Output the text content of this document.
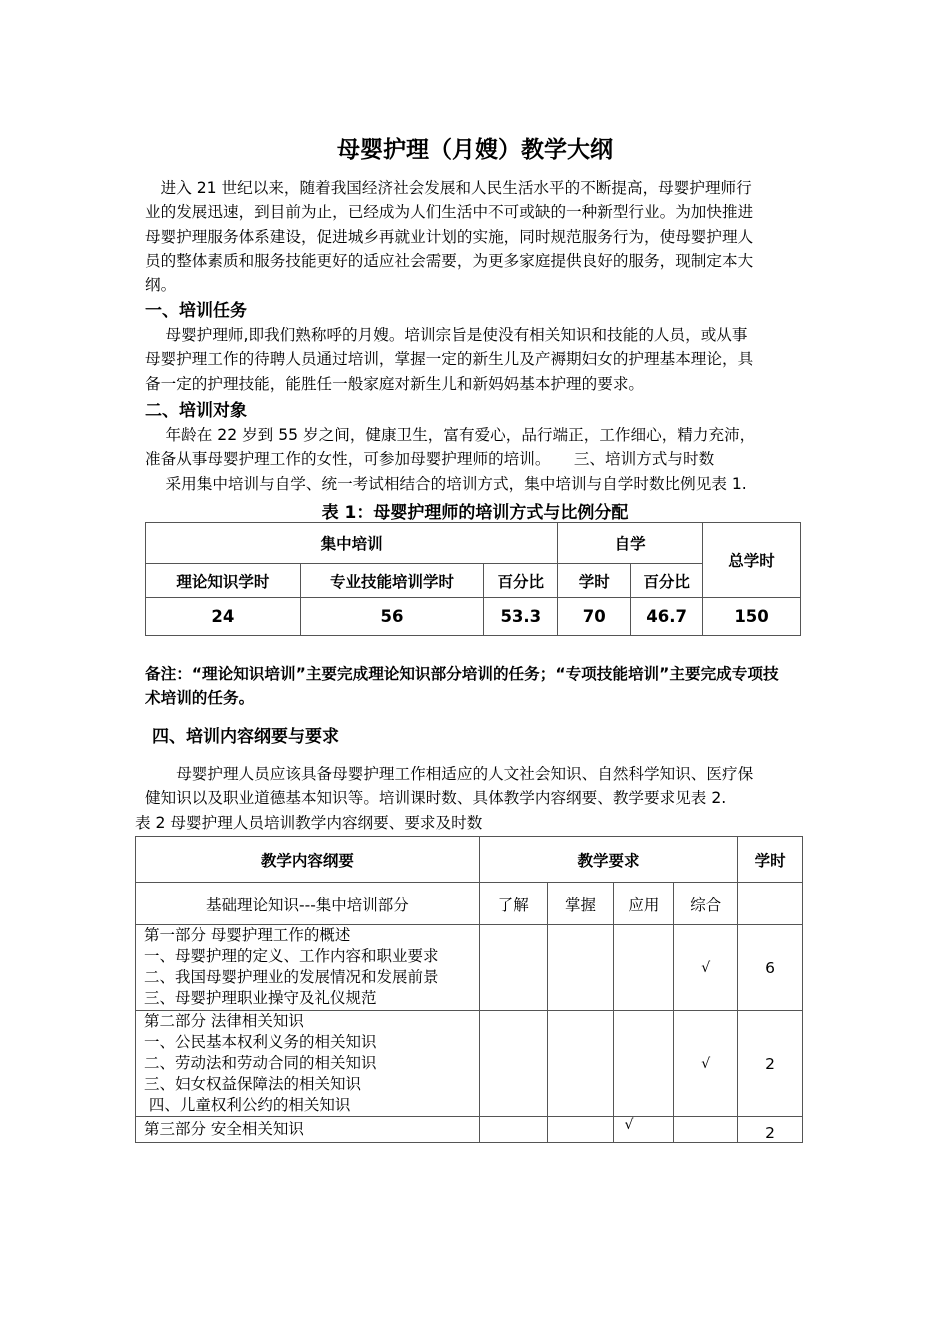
母婴护理（月嫂）教学大纲
　进入 21 世纪以来，随着我国经济社会发展和人民生活水平的不断提高，母婴护理师行
业的发展迅速，到目前为止，已经成为人们生活中不可或缺的一种新型行业。为加快推进
母婴护理服务体系建设，促进城乡再就业计划的实施，同时规范服务行为，使母婴护理人
员的整体素质和服务技能更好的适应社会需要，为更多家庭提供良好的服务，现制定本大
纲。
一、培训任务
　 母婴护理师,即我们熟称呼的月嫂。培训宗旨是使没有相关知识和技能的人员，或从事
母婴护理工作的待聘人员通过培训，掌握一定的新生儿及产褥期妇女的护理基本理论，具
备一定的护理技能，能胜任一般家庭对新生儿和新妈妈基本护理的要求。
二、培训对象
　 年龄在 22 岁到 55 岁之间，健康卫生，富有爱心，品行端正，工作细心，精力充沛，
准备从事母婴护理工作的女性，可参加母婴护理师的培训。　　三、培训方式与时数
　 采用集中培训与自学、统一考试相结合的培训方式，集中培训与自学时数比例见表 1.
表 1：母婴护理师的培训方式与比例分配
集中培训			自学		总学时
理论知识学时	专业技能培训学时	百分比	学时	百分比	
24	56	53.3	70	46.7	150
备注：“理论知识培训”主要完成理论知识部分培训的任务；“专项技能培训”主要完成专项技
术培训的任务。
四、培训内容纲要与要求
　　母婴护理人员应该具备母婴护理工作相适应的人文社会知识、自然科学知识、医疗保
健知识以及职业道德基本知识等。培训课时数、具体教学内容纲要、教学要求见表 2.
表 2 母婴护理人员培训教学内容纲要、要求及时数
教学内容纲要	教学要求				学时
基础理论知识---集中培训部分	了解	掌握	应用	综合	

第一部分 母婴护理工作的概述
一、母婴护理的定义、工作内容和职业要求
二、我国母婴护理业的发展情况和发展前景
三、母婴护理职业操守及礼仪规范				√	6

第二部分 法律相关知识
一、公民基本权利义务的相关知识
二、劳动法和劳动合同的相关知识
三、妇女权益保障法的相关知识
四、儿童权利公约的相关知识				√	2

第三部分 安全相关知识			√		2
